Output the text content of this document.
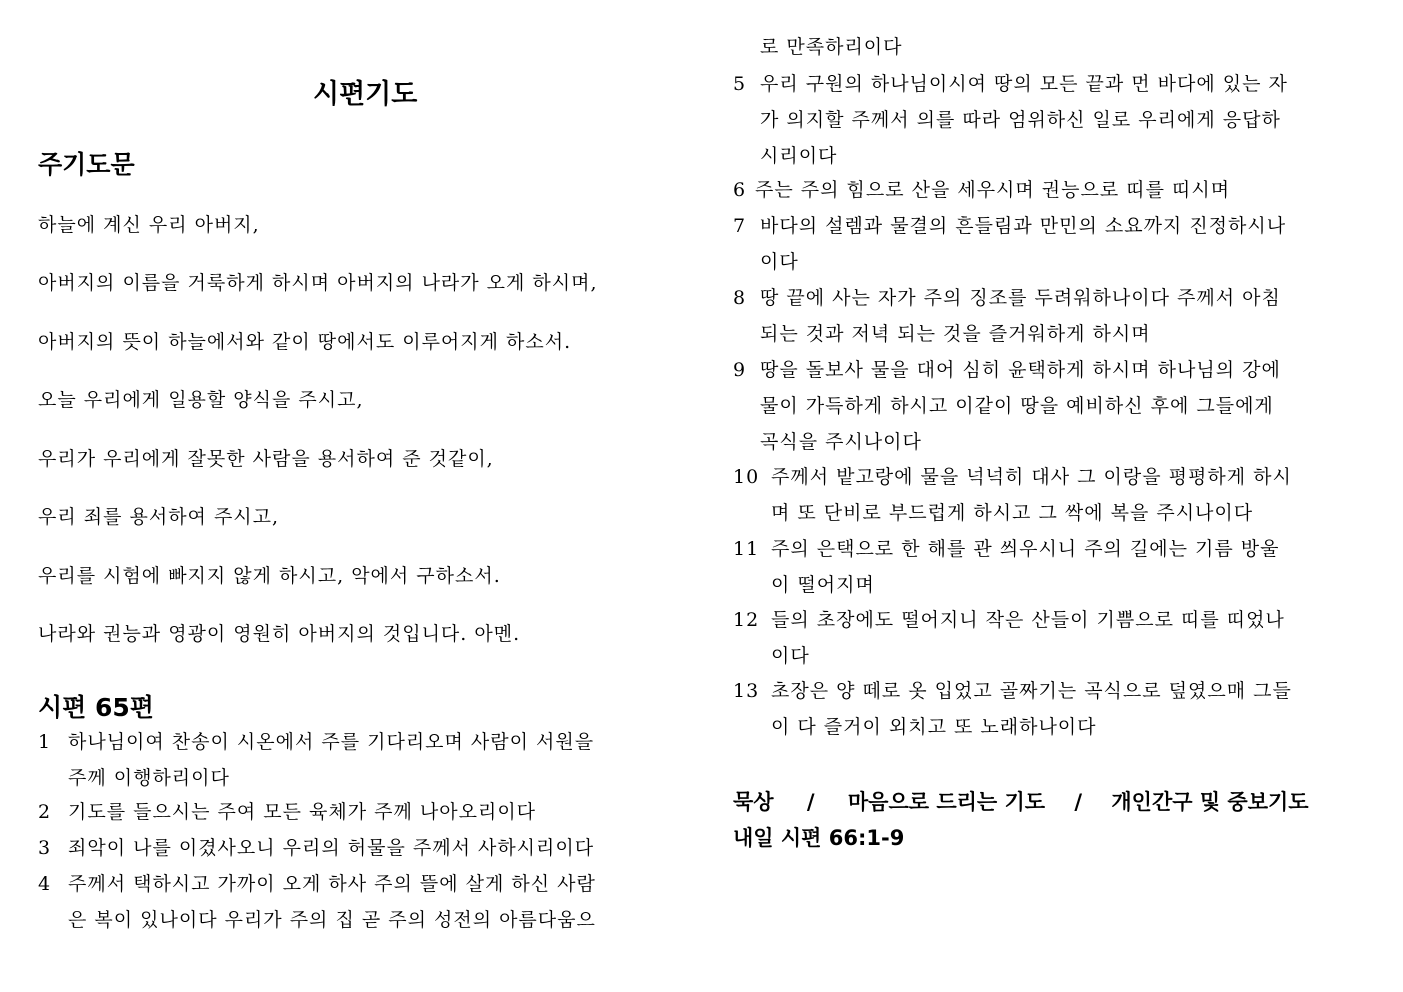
시편기도
주기도문
하늘에 계신 우리 아버지,
아버지의 이름을 거룩하게 하시며 아버지의 나라가 오게 하시며,
아버지의 뜻이 하늘에서와 같이 땅에서도 이루어지게 하소서.
오늘 우리에게 일용할 양식을 주시고,
우리가 우리에게 잘못한 사람을 용서하여 준 것같이,
우리 죄를 용서하여 주시고,
우리를 시험에 빠지지 않게 하시고, 악에서 구하소서.
나라와 권능과 영광이 영원히 아버지의 것입니다. 아멘.
시편 65편
1 하나님이여 찬송이 시온에서 주를 기다리오며 사람이 서원을
주께 이행하리이다
2 기도를 들으시는 주여 모든 육체가 주께 나아오리이다
3 죄악이 나를 이겼사오니 우리의 허물을 주께서 사하시리이다
4 주께서 택하시고 가까이 오게 하사 주의 뜰에 살게 하신 사람
은 복이 있나이다 우리가 주의 집 곧 주의 성전의 아름다움으
로 만족하리이다
5 우리 구원의 하나님이시여 땅의 모든 끝과 먼 바다에 있는 자
가 의지할 주께서 의를 따라 엄위하신 일로 우리에게 응답하
시리이다
6 주는 주의 힘으로 산을 세우시며 권능으로 띠를 띠시며
7 바다의 설렘과 물결의 흔들림과 만민의 소요까지 진정하시나
이다
8 땅 끝에 사는 자가 주의 징조를 두려워하나이다 주께서 아침
되는 것과 저녁 되는 것을 즐거워하게 하시며
9 땅을 돌보사 물을 대어 심히 윤택하게 하시며 하나님의 강에
물이 가득하게 하시고 이같이 땅을 예비하신 후에 그들에게
곡식을 주시나이다
10 주께서 밭고랑에 물을 넉넉히 대사 그 이랑을 평평하게 하시
며 또 단비로 부드럽게 하시고 그 싹에 복을 주시나이다
11 주의 은택으로 한 해를 관 씌우시니 주의 길에는 기름 방울
이 떨어지며
12 들의 초장에도 떨어지니 작은 산들이 기쁨으로 띠를 띠었나
이다
13 초장은 양 떼로 옷 입었고 골짜기는 곡식으로 덮였으매 그들
이 다 즐거이 외치고 또 노래하나이다
묵상 / 마음으로 드리는 기도 / 개인간구 및 중보기도
내일 시편 66:1-9
